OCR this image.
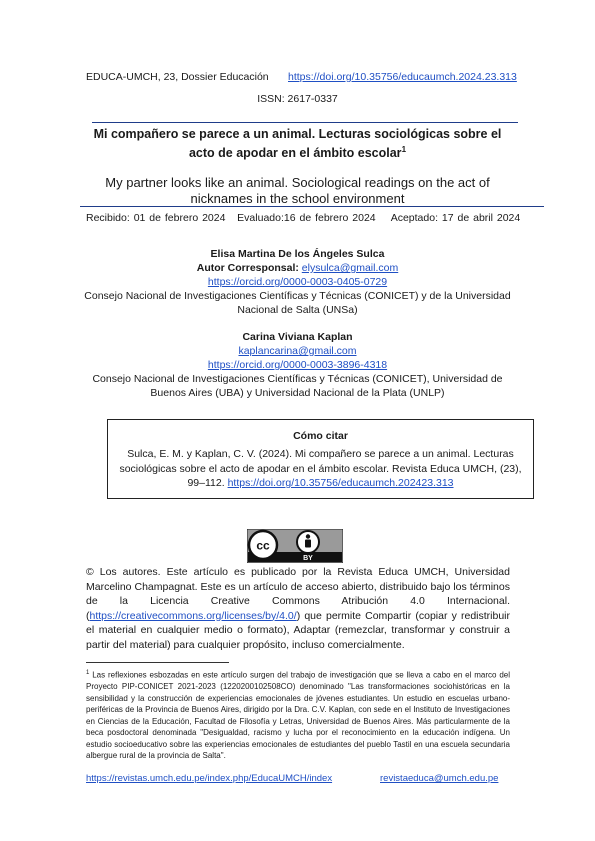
EDUCA-UMCH, 23, Dossier Educación https://doi.org/10.35756/educaumch.2024.23.313
ISSN: 2617-0337
Mi compañero se parece a un animal. Lecturas sociológicas sobre el acto de apodar en el ámbito escolar$^1$
My partner looks like an animal. Sociological readings on the act of nicknames in the school environment
Recibido: 01 de febrero 2024   Evaluado:16 de febrero 2024    Aceptado: 17 de abril 2024
Elisa Martina De los Ángeles Sulca
Autor Corresponsal: elysulca@gmail.com
https://orcid.org/0000-0003-0405-0729
Consejo Nacional de Investigaciones Científicas y Técnicas (CONICET) y de la Universidad Nacional de Salta (UNSa)
Carina Viviana Kaplan
kaplancarina@gmail.com
https://orcid.org/0000-0003-3896-4318
Consejo Nacional de Investigaciones Científicas y Técnicas (CONICET), Universidad de Buenos Aires (UBA) y Universidad Nacional de la Plata (UNLP)
Cómo citar
Sulca, E. M. y Kaplan, C. V. (2024). Mi compañero se parece a un animal. Lecturas sociológicas sobre el acto de apodar en el ámbito escolar. Revista Educa UMCH, (23), 99–112. https://doi.org/10.35756/educaumch.202423.313
cc
BY
© Los autores. Este artículo es publicado por la Revista Educa UMCH, Universidad Marcelino Champagnat. Este es un artículo de acceso abierto, distribuido bajo los términos de la Licencia Creative Commons Atribución 4.0 Internacional. (https://creativecommons.org/licenses/by/4.0/) que permite Compartir (copiar y redistribuir el material en cualquier medio o formato), Adaptar (remezclar, transformar y construir a partir del material) para cualquier propósito, incluso comercialmente.
$^1$ Las reflexiones esbozadas en este artículo surgen del trabajo de investigación que se lleva a cabo en el marco del Proyecto PIP-CONICET 2021-2023 (1220200102508CO) denominado "Las transformaciones sociohistóricas en la sensibilidad y la construcción de experiencias emocionales de jóvenes estudiantes. Un estudio en escuelas urbano-periféricas de la Provincia de Buenos Aires, dirigido por la Dra. C.V. Kaplan, con sede en el Instituto de Investigaciones en Ciencias de la Educación, Facultad de Filosofía y Letras, Universidad de Buenos Aires. Más particularmente de la beca posdoctoral denominada "Desigualdad, racismo y lucha por el reconocimiento en la educación indígena. Un estudio socioeducativo sobre las experiencias emocionales de estudiantes del pueblo Tastil en una escuela secundaria albergue rural de la provincia de Salta".
https://revistas.umch.edu.pe/index.php/EducaUMCH/index	revistaeduca@umch.edu.pe
